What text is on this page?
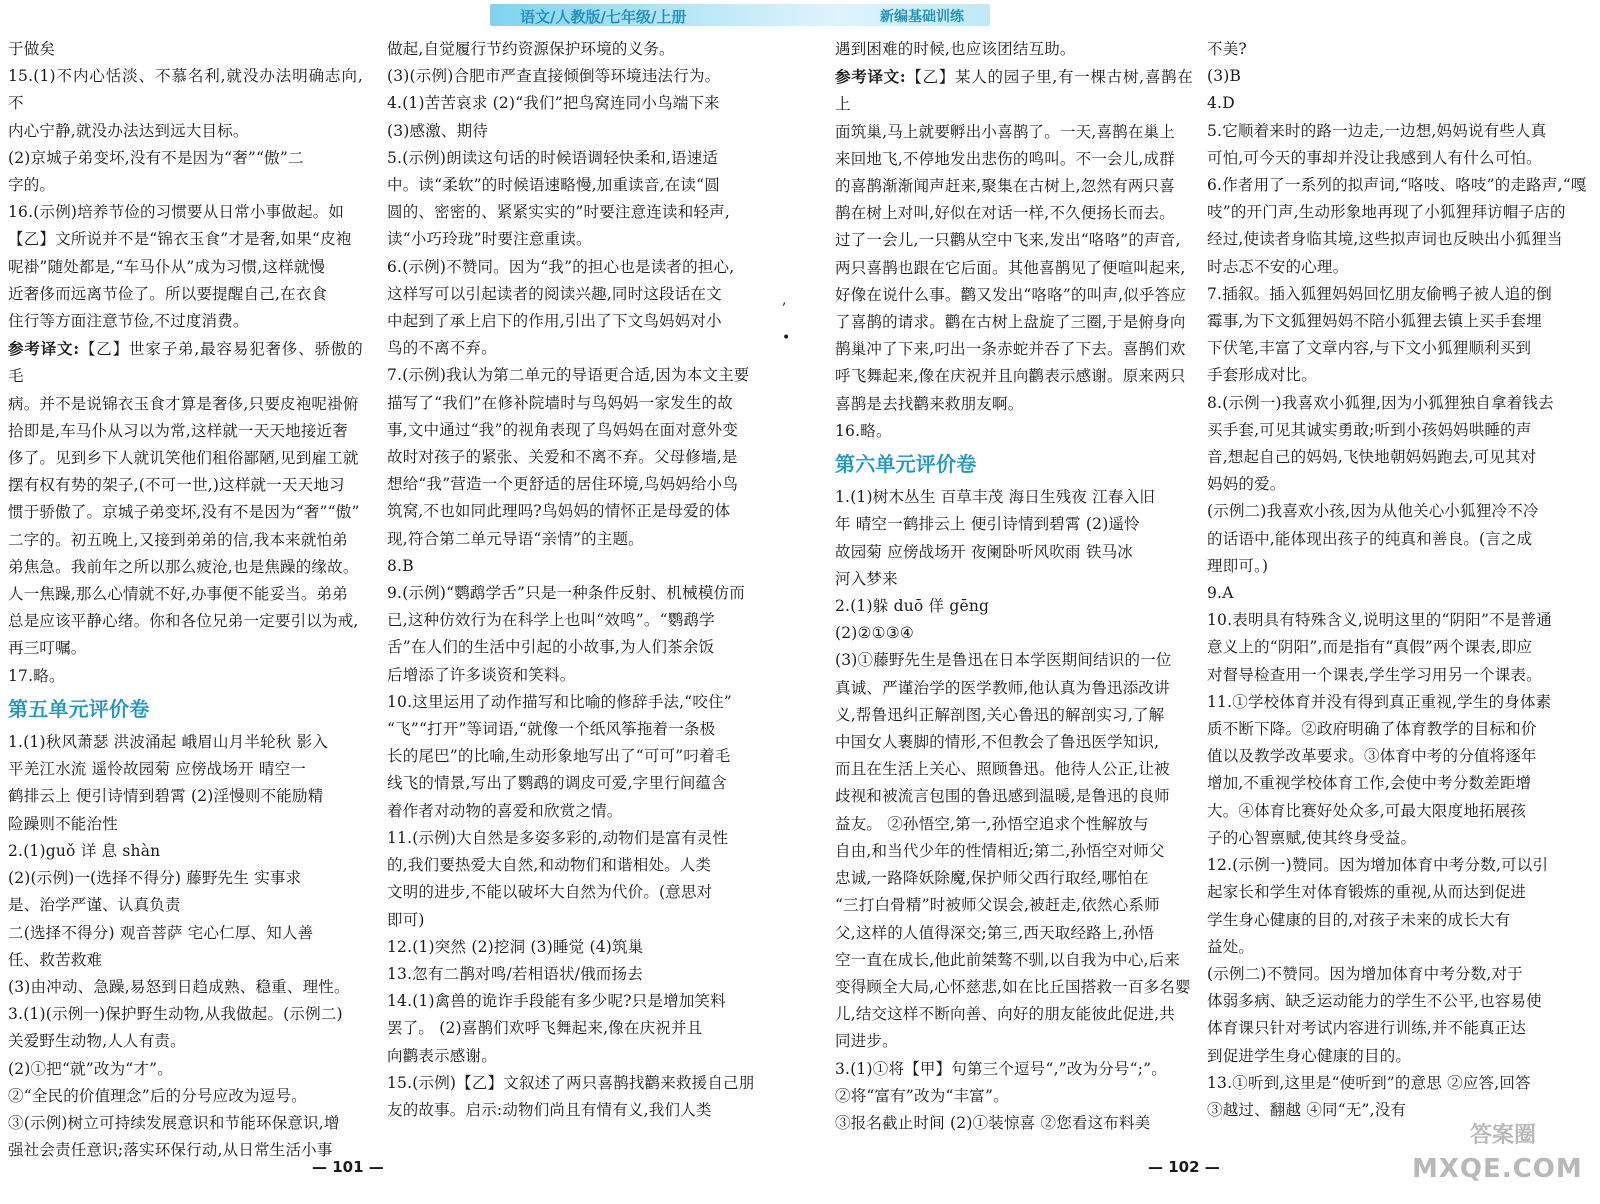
语文/人教版/七年级/上册	新编基础训练

于做矣

15.(1)不内心恬淡、不慕名利,就没办法明确志向,不

内心宁静,就没办法达到远大目标。

(2)京城子弟变坏,没有不是因为“奢”“傲”二

字的。

16.(示例)培养节俭的习惯要从日常小事做起。如

【乙】文所说并不是“锦衣玉食”才是奢,如果“皮袍

呢褂”随处都是,“车马仆从”成为习惯,这样就慢

近奢侈而远离节俭了。所以要提醒自己,在衣食

住行等方面注意节俭,不过度消费。

参考译文:【乙】世家子弟,最容易犯奢侈、骄傲的毛

病。并不是说锦衣玉食才算是奢侈,只要皮袍呢褂俯

拾即是,车马仆从习以为常,这样就一天天地接近奢

侈了。见到乡下人就讥笑他们租俗鄙陋,见到雇工就

摆有权有势的架子,(不可一世,)这样就一天天地习

惯于骄傲了。京城子弟变坏,没有不是因为“奢”“傲”

二字的。初五晚上,又接到弟弟的信,我本来就怕弟

弟焦急。我前年之所以那么疲沧,也是焦躁的缘故。

人一焦躁,那么心情就不好,办事便不能妥当。弟弟

总是应该平静心绪。你和各位兄弟一定要引以为戒,

再三叮嘱。

17.略。

第五单元评价卷

1.(1)秋风萧瑟 洪波涌起 峨眉山月半轮秋 影入

平羌江水流 遥怜故园菊 应傍战场开 晴空一

鹤排云上 便引诗情到碧霄 (2)淫慢则不能励精

险躁则不能治性

2.(1)guǒ 详 息 shàn

(2)(示例)一(选择不得分) 藤野先生 实事求

是、治学严谨、认真负责

二(选择不得分) 观音菩萨 宅心仁厚、知人善

任、救苦救难

(3)由冲动、急躁,易怒到日趋成熟、稳重、理性。

3.(1)(示例一)保护野生动物,从我做起。(示例二)

关爱野生动物,人人有责。

(2)①把“就”改为“才”。

②“全民的价值理念”后的分号应改为逗号。

③(示例)树立可持续发展意识和节能环保意识,增

强社会责任意识;落实环保行动,从日常生活小事

做起,自觉履行节约资源保护环境的义务。

(3)(示例)合肥市严查直接倾倒等环境违法行为。

4.(1)苦苦哀求 (2)“我们”把鸟窝连同小鸟端下来

(3)感激、期待

5.(示例)朗读这句话的时候语调轻快柔和,语速适

中。读“柔软”的时候语速略慢,加重读音,在读“圆

圆的、密密的、紧紧实实的”时要注意连读和轻声,

读“小巧玲珑”时要注意重读。

6.(示例)不赞同。因为“我”的担心也是读者的担心,

这样写可以引起读者的阅读兴趣,同时这段话在文

中起到了承上启下的作用,引出了下文鸟妈妈对小

鸟的不离不弃。

7.(示例)我认为第二单元的导语更合适,因为本文主要

描写了“我们”在修补院墙时与鸟妈妈一家发生的故

事,文中通过“我”的视角表现了鸟妈妈在面对意外变

故时对孩子的紧张、关爱和不离不弃。父母修墙,是

想给“我”营造一个更舒适的居住环境,鸟妈妈给小鸟

筑窝,不也如同此理吗?鸟妈妈的情怀正是母爱的体

现,符合第二单元导语“亲情”的主题。

8.B

9.(示例)“鹦鹉学舌”只是一种条件反射、机械模仿而

已,这种仿效行为在科学上也叫“效鸣”。“鹦鹉学

舌”在人们的生活中引起的小故事,为人们茶余饭

后增添了许多谈资和笑料。

10.这里运用了动作描写和比喻的修辞手法,“咬住”

“飞”“打开”等词语,“就像一个纸风筝拖着一条极

长的尾巴”的比喻,生动形象地写出了“可可”叼着毛

线飞的情景,写出了鹦鹉的调皮可爱,字里行间蕴含

着作者对动物的喜爱和欣赏之情。

11.(示例)大自然是多姿多彩的,动物们是富有灵性

的,我们要热爱大自然,和动物们和谐相处。人类

文明的进步,不能以破坏大自然为代价。(意思对

即可)

12.(1)突然 (2)挖洞 (3)睡觉 (4)筑巢

13.忽有二鹊对鸣/若相语状/俄而扬去

14.(1)禽兽的诡诈手段能有多少呢?只是增加笑料

罢了。 (2)喜鹊们欢呼飞舞起来,像在庆祝并且

向鹳表示感谢。

15.(示例)【乙】文叙述了两只喜鹊找鹳来救援自己朋

友的故事。启示:动物们尚且有情有义,我们人类

,
•

遇到困难的时候,也应该团结互助。

参考译文:【乙】某人的园子里,有一棵古树,喜鹊在上

面筑巢,马上就要孵出小喜鹊了。一天,喜鹊在巢上

来回地飞,不停地发出悲伤的鸣叫。不一会儿,成群

的喜鹊渐渐闻声赶来,聚集在古树上,忽然有两只喜

鹊在树上对叫,好似在对话一样,不久便扬长而去。

过了一会儿,一只鹳从空中飞来,发出“咯咯”的声音,

两只喜鹊也跟在它后面。其他喜鹊见了便喧叫起来,

好像在说什么事。鹳又发出“咯咯”的叫声,似乎答应

了喜鹊的请求。鹳在古树上盘旋了三圈,于是俯身向

鹊巢冲了下来,叼出一条赤蛇并吞了下去。喜鹊们欢

呼飞舞起来,像在庆祝并且向鹳表示感谢。原来两只

喜鹊是去找鹳来救朋友啊。

16.略。

第六单元评价卷

1.(1)树木丛生 百草丰茂 海日生残夜 江春入旧

年 晴空一鹤排云上 便引诗情到碧霄 (2)遥怜

故园菊 应傍战场开 夜阑卧听风吹雨 铁马冰

河入梦来

2.(1)躲 duō 佯 gēng

(2)②①③④

(3)①藤野先生是鲁迅在日本学医期间结识的一位

真诚、严谨治学的医学教师,他认真为鲁迅添改讲

义,帮鲁迅纠正解剖图,关心鲁迅的解剖实习,了解

中国女人裹脚的情形,不但教会了鲁迅医学知识,

而且在生活上关心、照顾鲁迅。他待人公正,让被

歧视和被流言包围的鲁迅感到温暖,是鲁迅的良师

益友。 ②孙悟空,第一,孙悟空追求个性解放与

自由,和当代少年的性情相近;第二,孙悟空对师父

忠诚,一路降妖除魔,保护师父西行取经,哪怕在

“三打白骨精”时被师父误会,被赶走,依然心系师

父,这样的人值得深交;第三,西天取经路上,孙悟

空一直在成长,他此前桀骜不驯,以自我为中心,后来

变得顾全大局,心怀慈悲,如在比丘国搭救一百多名婴

儿,结交这样不断向善、向好的朋友能彼此促进,共

同进步。

3.(1)①将【甲】句第三个逗号“,”改为分号“;”。

②将“富有”改为“丰富”。

③报名截止时间 (2)①装惊喜 ②您看这布料美

不美?

(3)B

4.D

5.它顺着来时的路一边走,一边想,妈妈说有些人真

可怕,可今天的事却并没让我感到人有什么可怕。

6.作者用了一系列的拟声词,“咯吱、咯吱”的走路声,“嘎

吱”的开门声,生动形象地再现了小狐狸拜访帽子店的

经过,使读者身临其境,这些拟声词也反映出小狐狸当

时忐忑不安的心理。

7.插叙。插入狐狸妈妈回忆朋友偷鸭子被人追的倒

霉事,为下文狐狸妈妈不陪小狐狸去镇上买手套埋

下伏笔,丰富了文章内容,与下文小狐狸顺利买到

手套形成对比。

8.(示例一)我喜欢小狐狸,因为小狐狸独自拿着钱去

买手套,可见其诚实勇敢;听到小孩妈妈哄睡的声

音,想起自己的妈妈,飞快地朝妈妈跑去,可见其对

妈妈的爱。

(示例二)我喜欢小孩,因为从他关心小狐狸冷不冷

的话语中,能体现出孩子的纯真和善良。(言之成

理即可。)

9.A

10.表明具有特殊含义,说明这里的“阴阳”不是普通

意义上的“阴阳”,而是指有“真假”两个课表,即应

对督导检查用一个课表,学生学习用另一个课表。

11.①学校体育并没有得到真正重视,学生的身体素

质不断下降。②政府明确了体育教学的目标和价

值以及教学改革要求。③体育中考的分值将逐年

增加,不重视学校体育工作,会使中考分数差距增

大。④体育比赛好处众多,可最大限度地拓展孩

子的心智禀赋,使其终身受益。

12.(示例一)赞同。因为增加体育中考分数,可以引

起家长和学生对体育锻炼的重视,从而达到促进

学生身心健康的目的,对孩子未来的成长大有

益处。

(示例二)不赞同。因为增加体育中考分数,对于

体弱多病、缺乏运动能力的学生不公平,也容易使

体育课只针对考试内容进行训练,并不能真正达

到促进学生身心健康的目的。

13.①听到,这里是“使听到”的意思 ②应答,回答

③越过、翻越 ④同“无”,没有

— 101 —	— 102 —
答案圈
MXQE.COM
